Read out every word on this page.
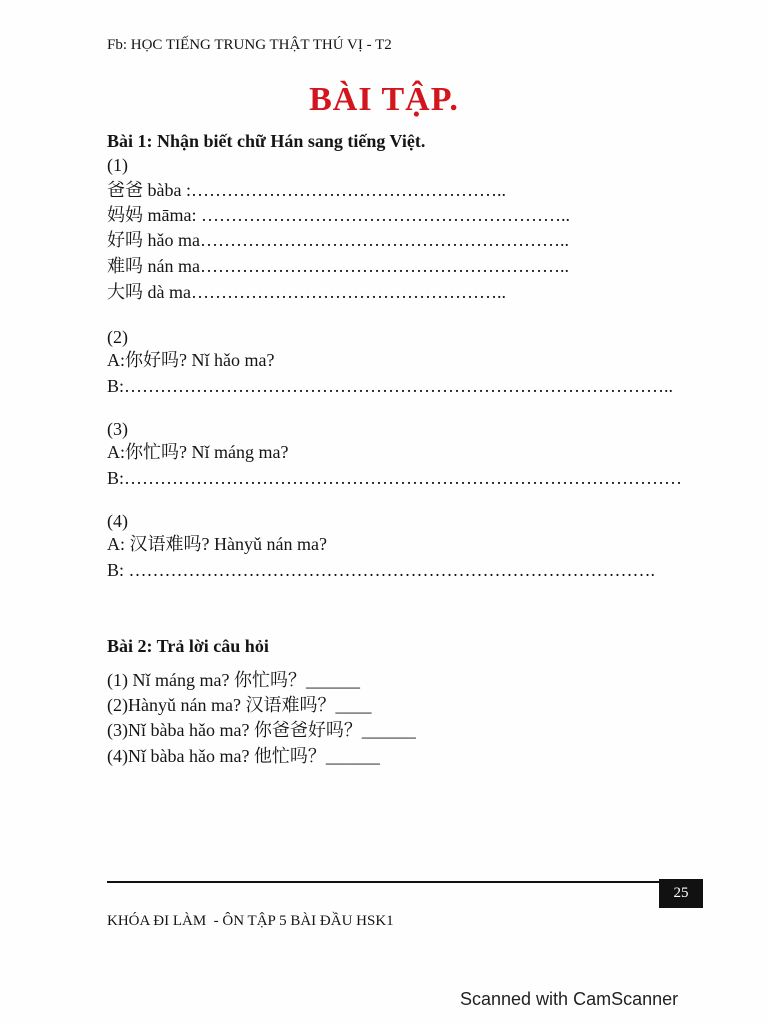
Fb: HỌC TIẾNG TRUNG THẬT THÚ VỊ - T2
BÀI TẬP.
Bài 1: Nhận biết chữ Hán sang tiếng Việt.
(1)
爸爸 bàba :……………………………………………..
妈妈 māma: ……………………………………………………..
好吗 hǎo ma……………………………………………………..
难吗 nán ma……………………………………………………..
大吗 dà ma……………………………………………..
(2)
A:你好吗? Nǐ hǎo ma?
B:………………………………………………………………………………..
(3)
A:你忙吗? Nǐ máng ma?
B:…………………………………………………………………………………
(4)
A: 汉语难吗? Hànyǔ nán ma?
B: …………………………………………………………………………….
Bài 2: Trả lời câu hỏi
(1) Nǐ máng ma? 你忙吗？______
(2)Hànyǔ nán ma? 汉语难吗？____
(3)Nǐ bàba hǎo ma? 你爸爸好吗？______
(4)Nǐ bàba hǎo ma? 他忙吗？______
25
KHÓA ĐI LÀM  - ÔN TẬP 5 BÀI ĐẦU HSK1
Scanned with CamScanner
